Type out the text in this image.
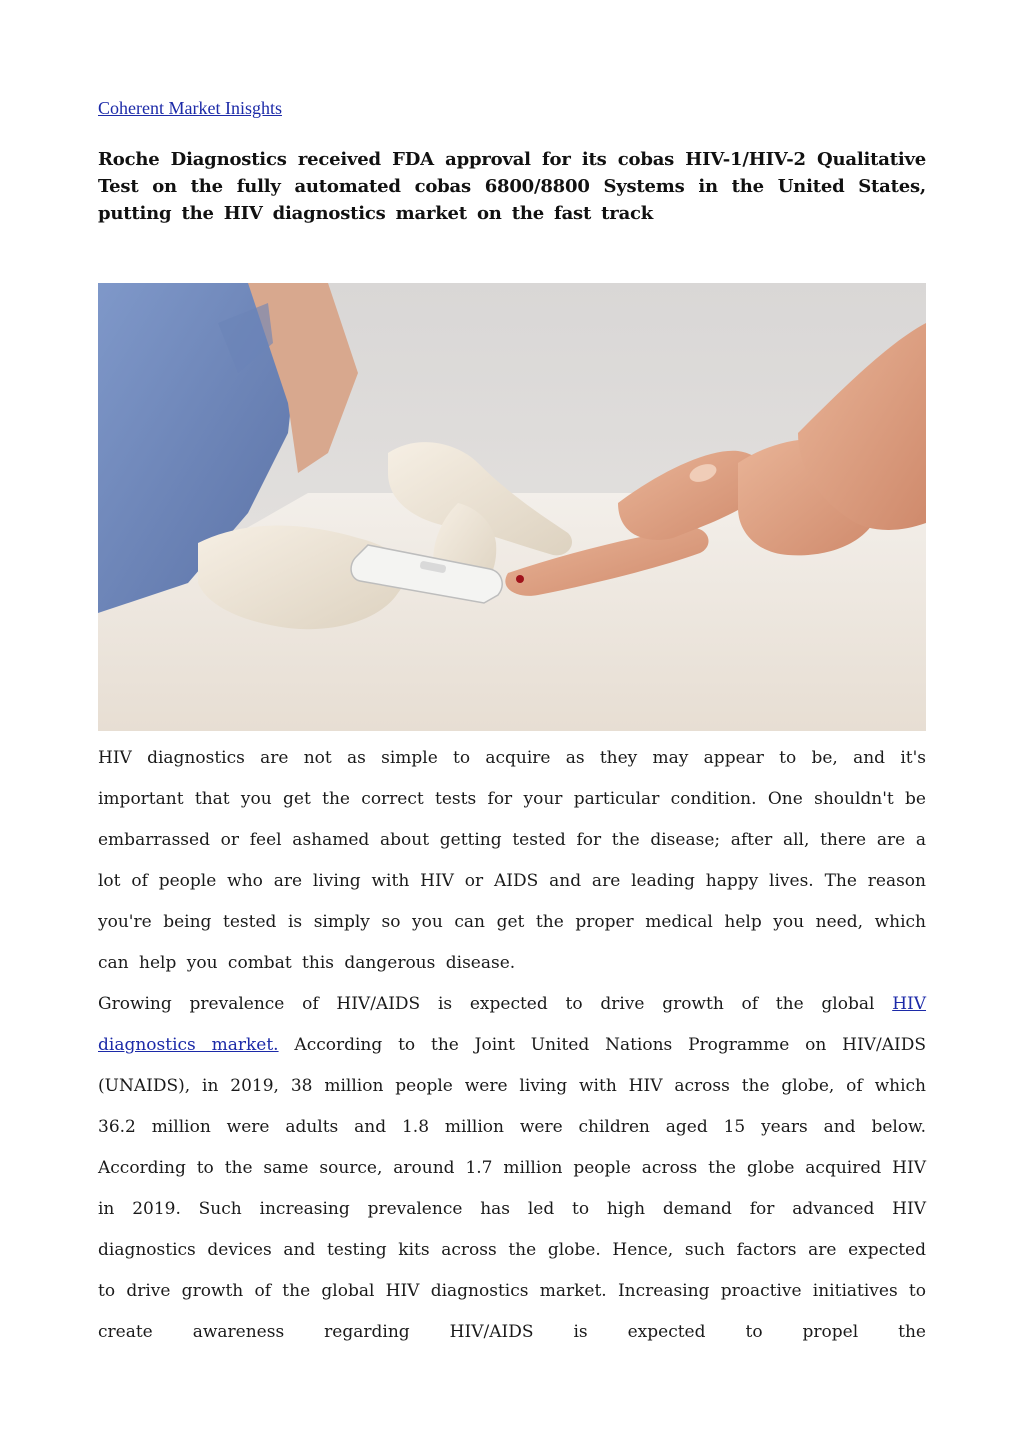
Coherent Market Inisghts
Roche Diagnostics received FDA approval for its cobas HIV-1/HIV-2 Qualitative Test on the fully automated cobas 6800/8800 Systems in the United States, putting the HIV diagnostics market on the fast track

HIV diagnostics are not as simple to acquire as they may appear to be, and it's important that you get the correct tests for your particular condition. One shouldn't be embarrassed or feel ashamed about getting tested for the disease; after all, there are a lot of people who are living with HIV or AIDS and are leading happy lives. The reason you're being tested is simply so you can get the proper medical help you need, which can help you combat this dangerous disease.

Growing prevalence of HIV/AIDS is expected to drive growth of the global HIV diagnostics market. According to the Joint United Nations Programme on HIV/AIDS (UNAIDS), in 2019, 38 million people were living with HIV across the globe, of which 36.2 million were adults and 1.8 million were children aged 15 years and below. According to the same source, around 1.7 million people across the globe acquired HIV in 2019. Such increasing prevalence has led to high demand for advanced HIV diagnostics devices and testing kits across the globe. Hence, such factors are expected to drive growth of the global HIV diagnostics market. Increasing proactive initiatives to create awareness regarding HIV/AIDS is expected to propel the
